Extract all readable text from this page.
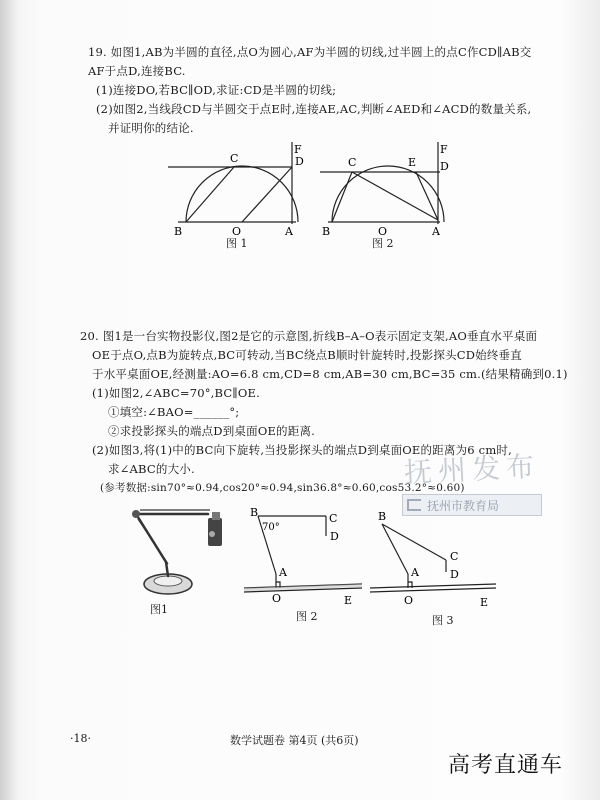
19. 如图1,AB为半圆的直径,点O为圆心,AF为半圆的切线,过半圆上的点C作CD∥AB交
AF于点D,连接BC.
(1)连接DO,若BC∥OD,求证:CD是半圆的切线;
(2)如图2,当线段CD与半圆交于点E时,连接AE,AC,判断∠AED和∠ACD的数量关系,
并证明你的结论.
C	D
F
B	O	A
图 1
C	E D
F
B	O	A
图 2
20. 图1是一台实物投影仪,图2是它的示意图,折线B–A–O表示固定支架,AO垂直水平桌面
OE于点O,点B为旋转点,BC可转动,当BC绕点B顺时针旋转时,投影探头CD始终垂直
于水平桌面OE,经测量:AO=6.8 cm,CD=8 cm,AB=30 cm,BC=35 cm.(结果精确到0.1)
(1)如图2,∠ABC=70°,BC∥OE.
①填空:∠BAO=______°;
②求投影探头的端点D到桌面OE的距离.
(2)如图3,将(1)中的BC向下旋转,当投影探头的端点D到桌面OE的距离为6 cm时,
求∠ABC的大小.
(参考数据:sin70°≈0.94,cos20°≈0.94,sin36.8°≈0.60,cos53.2°≈0.60)
抚州发布
抚州市教育局
图1
B
70°
C
D
A
O	E
图 2
B
C
D
A
O	E
图 3
·18·	数学试题卷 第4页 (共6页)
高考直通车
